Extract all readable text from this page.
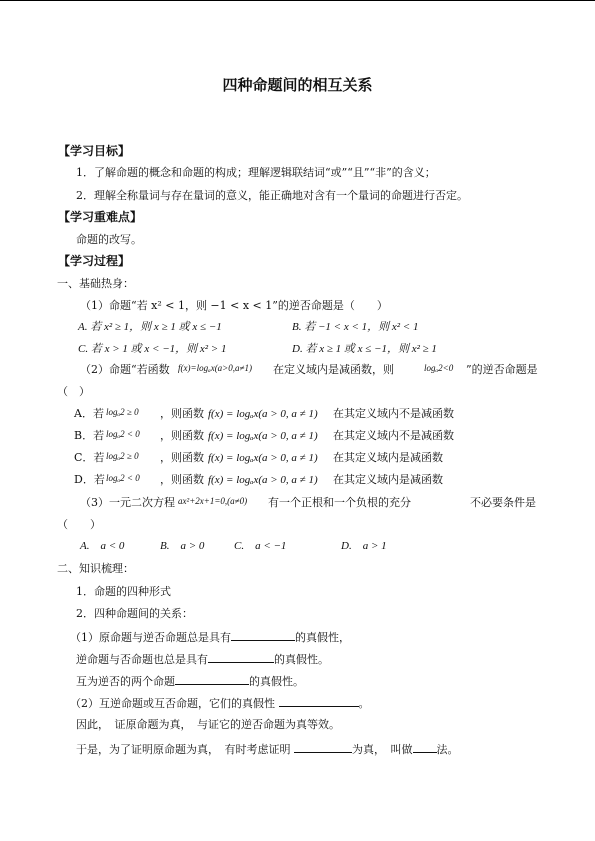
四种命题间的相互关系
【学习目标】
1．了解命题的概念和命题的构成；理解逻辑联结词“或”“且”“非”的含义；
2．理解全称量词与存在量词的意义，能正确地对含有一个量词的命题进行否定。
【学习重难点】
命题的改写。
【学习过程】
一、基础热身：
（1）命题“若 x² < 1，则 −1 < x < 1”的逆否命题是（　　）
A. 若 x² ≥ 1，则 x ≥ 1 或 x ≤ −1	B. 若 −1 < x < 1，则 x² < 1
C. 若 x > 1 或 x < −1，则 x² > 1	D. 若 x ≥ 1 或 x ≤ −1，则 x² ≥ 1
（2）命题“若函数 f(x)=logₐx(a>0,a≠1) 在定义域内是减函数，则	logₐ2<0 ”的逆否命题是
（　）
A．若 logₐ2 ≥ 0 ，则函数 f(x) = logₐx(a > 0, a ≠ 1) 在其定义域内不是减函数
B．若 logₐ2 < 0 ，则函数 f(x) = logₐx(a > 0, a ≠ 1) 在其定义域内不是减函数
C．若 logₐ2 ≥ 0 ，则函数 f(x) = logₐx(a > 0, a ≠ 1) 在其定义域内是减函数
D．若 logₐ2 < 0 ，则函数 f(x) = logₐx(a > 0, a ≠ 1) 在其定义域内是减函数
（3）一元二次方程 ax²+2x+1=0,(a≠0) 有一个正根和一个负根的充分	不必要条件是
（　　）
A.　a < 0	B.　a > 0	C.　a < −1	D.　a > 1
二、知识梳理：
1．命题的四种形式
2．四种命题间的关系：
（1）原命题与逆否命题总是具有	的真假性，
逆命题与否命题也总是具有	的真假性。
互为逆否的两个命题	的真假性。
（2）互逆命题或互否命题，它们的真假性	。
因此，　证原命题为真，　与证它的逆否命题为真等效。
于是，为了证明原命题为真，　有时考虑证明	为真，　叫做 法。
